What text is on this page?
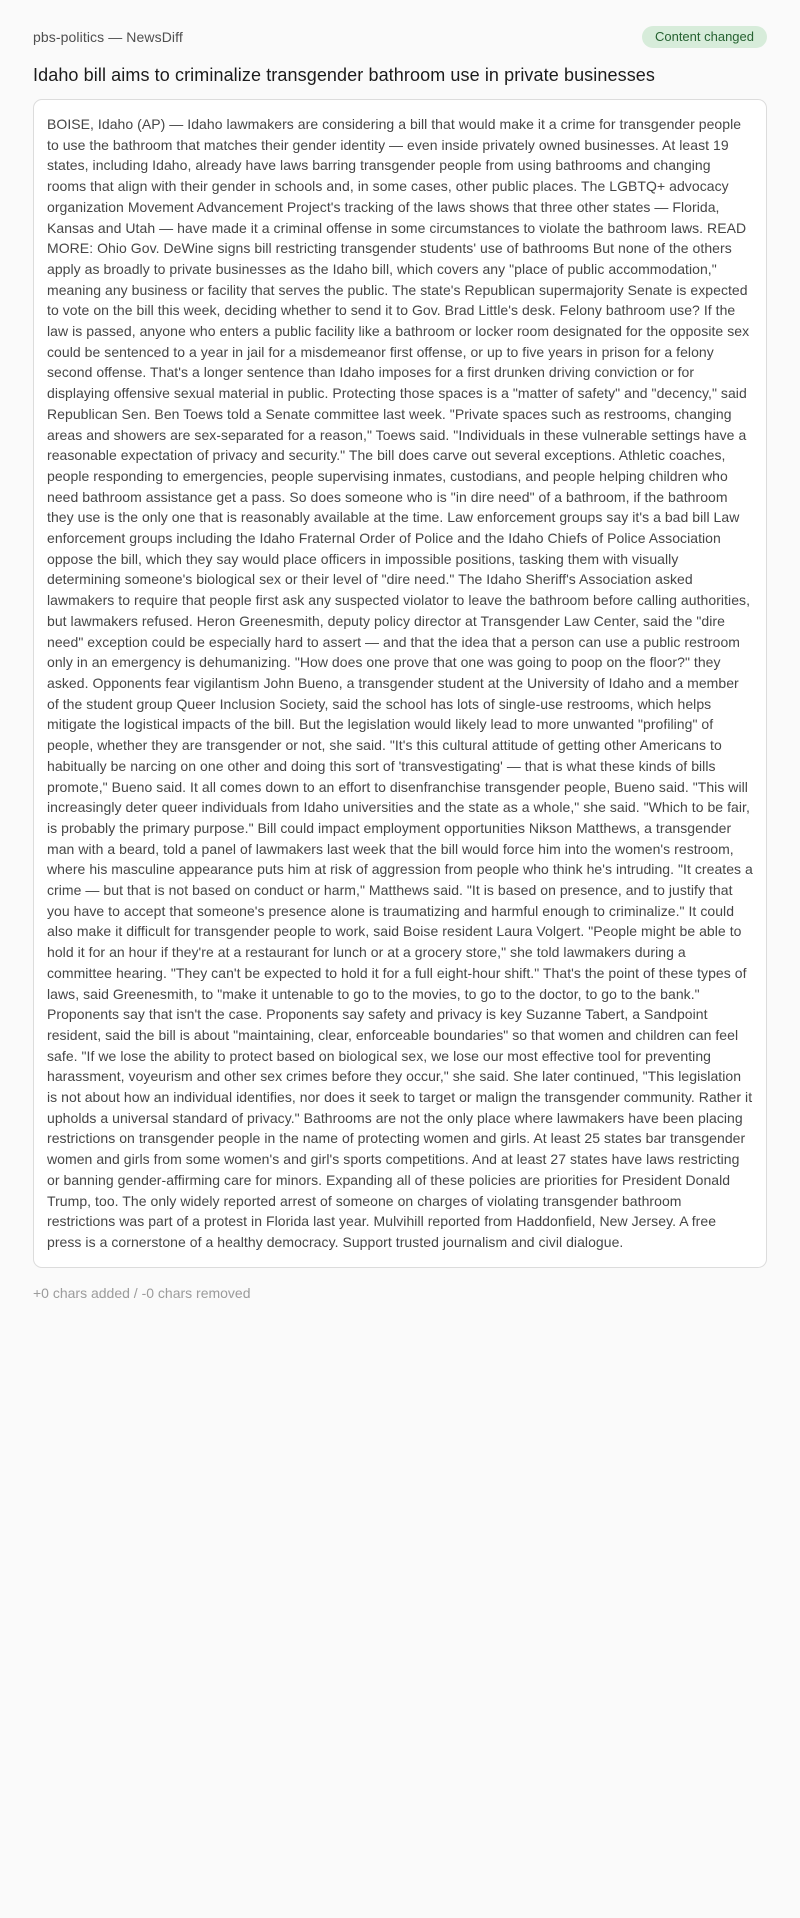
pbs-politics — NewsDiff	Content changed
Idaho bill aims to criminalize transgender bathroom use in private businesses

BOISE, Idaho (AP) — Idaho lawmakers are considering a bill that would make it a crime for transgender people to use the bathroom that matches their gender identity — even inside privately owned businesses. At least 19 states, including Idaho, already have laws barring transgender people from using bathrooms and changing rooms that align with their gender in schools and, in some cases, other public places. The LGBTQ+ advocacy organization Movement Advancement Project's tracking of the laws shows that three other states — Florida, Kansas and Utah — have made it a criminal offense in some circumstances to violate the bathroom laws. READ MORE: Ohio Gov. DeWine signs bill restricting transgender students' use of bathrooms But none of the others apply as broadly to private businesses as the Idaho bill, which covers any "place of public accommodation," meaning any business or facility that serves the public. The state's Republican supermajority Senate is expected to vote on the bill this week, deciding whether to send it to Gov. Brad Little's desk. Felony bathroom use? If the law is passed, anyone who enters a public facility like a bathroom or locker room designated for the opposite sex could be sentenced to a year in jail for a misdemeanor first offense, or up to five years in prison for a felony second offense. That's a longer sentence than Idaho imposes for a first drunken driving conviction or for displaying offensive sexual material in public. Protecting those spaces is a "matter of safety" and "decency," said Republican Sen. Ben Toews told a Senate committee last week. "Private spaces such as restrooms, changing areas and showers are sex-separated for a reason," Toews said. "Individuals in these vulnerable settings have a reasonable expectation of privacy and security." The bill does carve out several exceptions. Athletic coaches, people responding to emergencies, people supervising inmates, custodians, and people helping children who need bathroom assistance get a pass. So does someone who is "in dire need" of a bathroom, if the bathroom they use is the only one that is reasonably available at the time. Law enforcement groups say it's a bad bill Law enforcement groups including the Idaho Fraternal Order of Police and the Idaho Chiefs of Police Association oppose the bill, which they say would place officers in impossible positions, tasking them with visually determining someone's biological sex or their level of "dire need." The Idaho Sheriff's Association asked lawmakers to require that people first ask any suspected violator to leave the bathroom before calling authorities, but lawmakers refused. Heron Greenesmith, deputy policy director at Transgender Law Center, said the "dire need" exception could be especially hard to assert — and that the idea that a person can use a public restroom only in an emergency is dehumanizing. "How does one prove that one was going to poop on the floor?" they asked. Opponents fear vigilantism John Bueno, a transgender student at the University of Idaho and a member of the student group Queer Inclusion Society, said the school has lots of single-use restrooms, which helps mitigate the logistical impacts of the bill. But the legislation would likely lead to more unwanted "profiling" of people, whether they are transgender or not, she said. "It's this cultural attitude of getting other Americans to habitually be narcing on one other and doing this sort of 'transvestigating' — that is what these kinds of bills promote," Bueno said. It all comes down to an effort to disenfranchise transgender people, Bueno said. "This will increasingly deter queer individuals from Idaho universities and the state as a whole," she said. "Which to be fair, is probably the primary purpose." Bill could impact employment opportunities Nikson Matthews, a transgender man with a beard, told a panel of lawmakers last week that the bill would force him into the women's restroom, where his masculine appearance puts him at risk of aggression from people who think he's intruding. "It creates a crime — but that is not based on conduct or harm," Matthews said. "It is based on presence, and to justify that you have to accept that someone's presence alone is traumatizing and harmful enough to criminalize." It could also make it difficult for transgender people to work, said Boise resident Laura Volgert. "People might be able to hold it for an hour if they're at a restaurant for lunch or at a grocery store," she told lawmakers during a committee hearing. "They can't be expected to hold it for a full eight-hour shift." That's the point of these types of laws, said Greenesmith, to "make it untenable to go to the movies, to go to the doctor, to go to the bank." Proponents say that isn't the case. Proponents say safety and privacy is key Suzanne Tabert, a Sandpoint resident, said the bill is about "maintaining, clear, enforceable boundaries" so that women and children can feel safe. "If we lose the ability to protect based on biological sex, we lose our most effective tool for preventing harassment, voyeurism and other sex crimes before they occur," she said. She later continued, "This legislation is not about how an individual identifies, nor does it seek to target or malign the transgender community. Rather it upholds a universal standard of privacy." Bathrooms are not the only place where lawmakers have been placing restrictions on transgender people in the name of protecting women and girls. At least 25 states bar transgender women and girls from some women's and girl's sports competitions. And at least 27 states have laws restricting or banning gender-affirming care for minors. Expanding all of these policies are priorities for President Donald Trump, too. The only widely reported arrest of someone on charges of violating transgender bathroom restrictions was part of a protest in Florida last year. Mulvihill reported from Haddonfield, New Jersey. A free press is a cornerstone of a healthy democracy. Support trusted journalism and civil dialogue.

+0 chars added / -0 chars removed
